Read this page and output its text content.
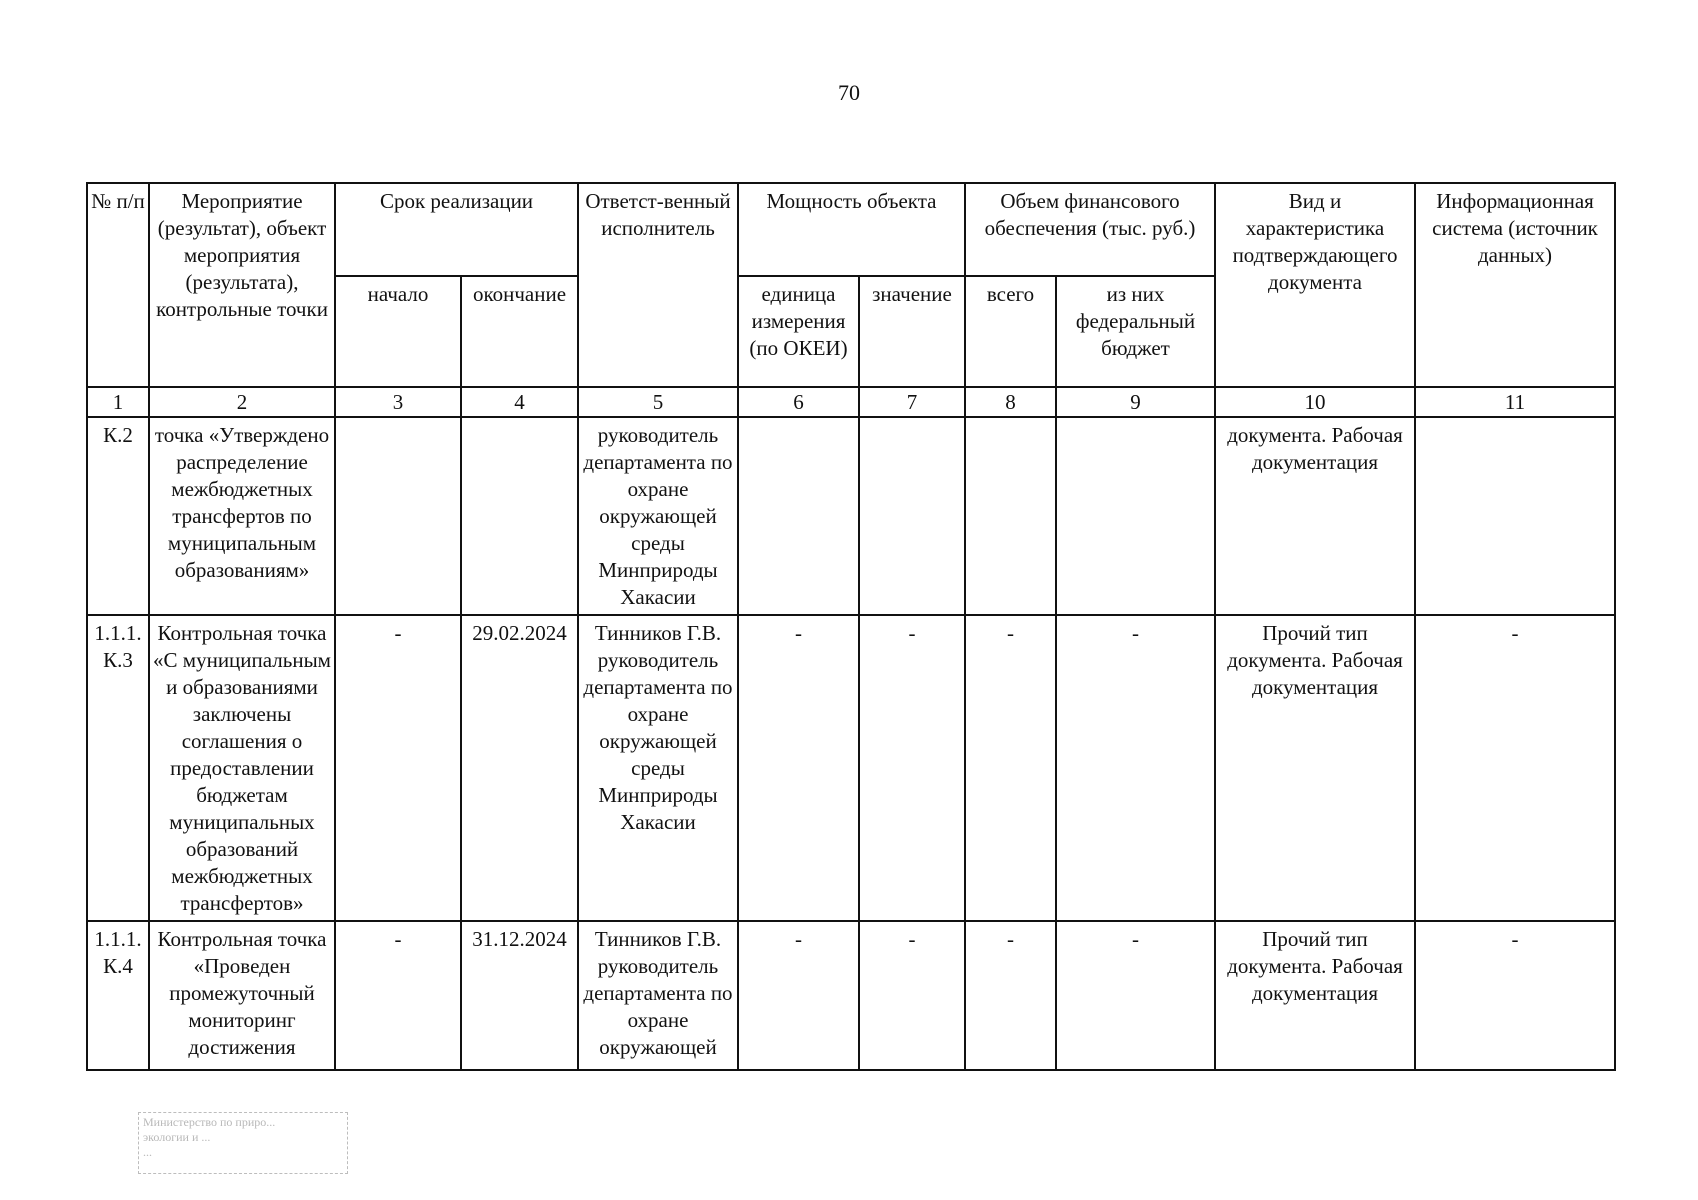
70
№ п/п	Мероприятие (результат), объект мероприятия (результата), контрольные точки	Срок реализации		Ответст-венный исполнитель	Мощность объекта		Объем финансового обеспечения (тыс. руб.)		Вид и характеристика подтверждающего документа	Информационная система (источник данных)
		начало	окончание		единица измерения (по ОКЕИ)	значение	всего	из них федеральный бюджет		
1	2	3	4	5	6	7	8	9	10	11
К.2	точка «Утверждено распределение межбюджетных трансфертов по муниципальным образованиям»			руководитель департамента по охране окружающей среды Минприроды Хакасии					документа. Рабочая документация	
1.1.1. К.3	Контрольная точка «С муниципальным и образованиями заключены соглашения о предоставлении бюджетам муниципальных образований межбюджетных трансфертов»	-	29.02.2024	Тинников Г.В. руководитель департамента по охране окружающей среды Минприроды Хакасии	-	-	-	-	Прочий тип документа. Рабочая документация	-
1.1.1. К.4	Контрольная точка «Проведен промежуточный мониторинг достижения	-	31.12.2024	Тинников Г.В. руководитель департамента по охране окружающей	-	-	-	-	Прочий тип документа. Рабочая документация	-
Министерство по приро...
экологии и ...
...
